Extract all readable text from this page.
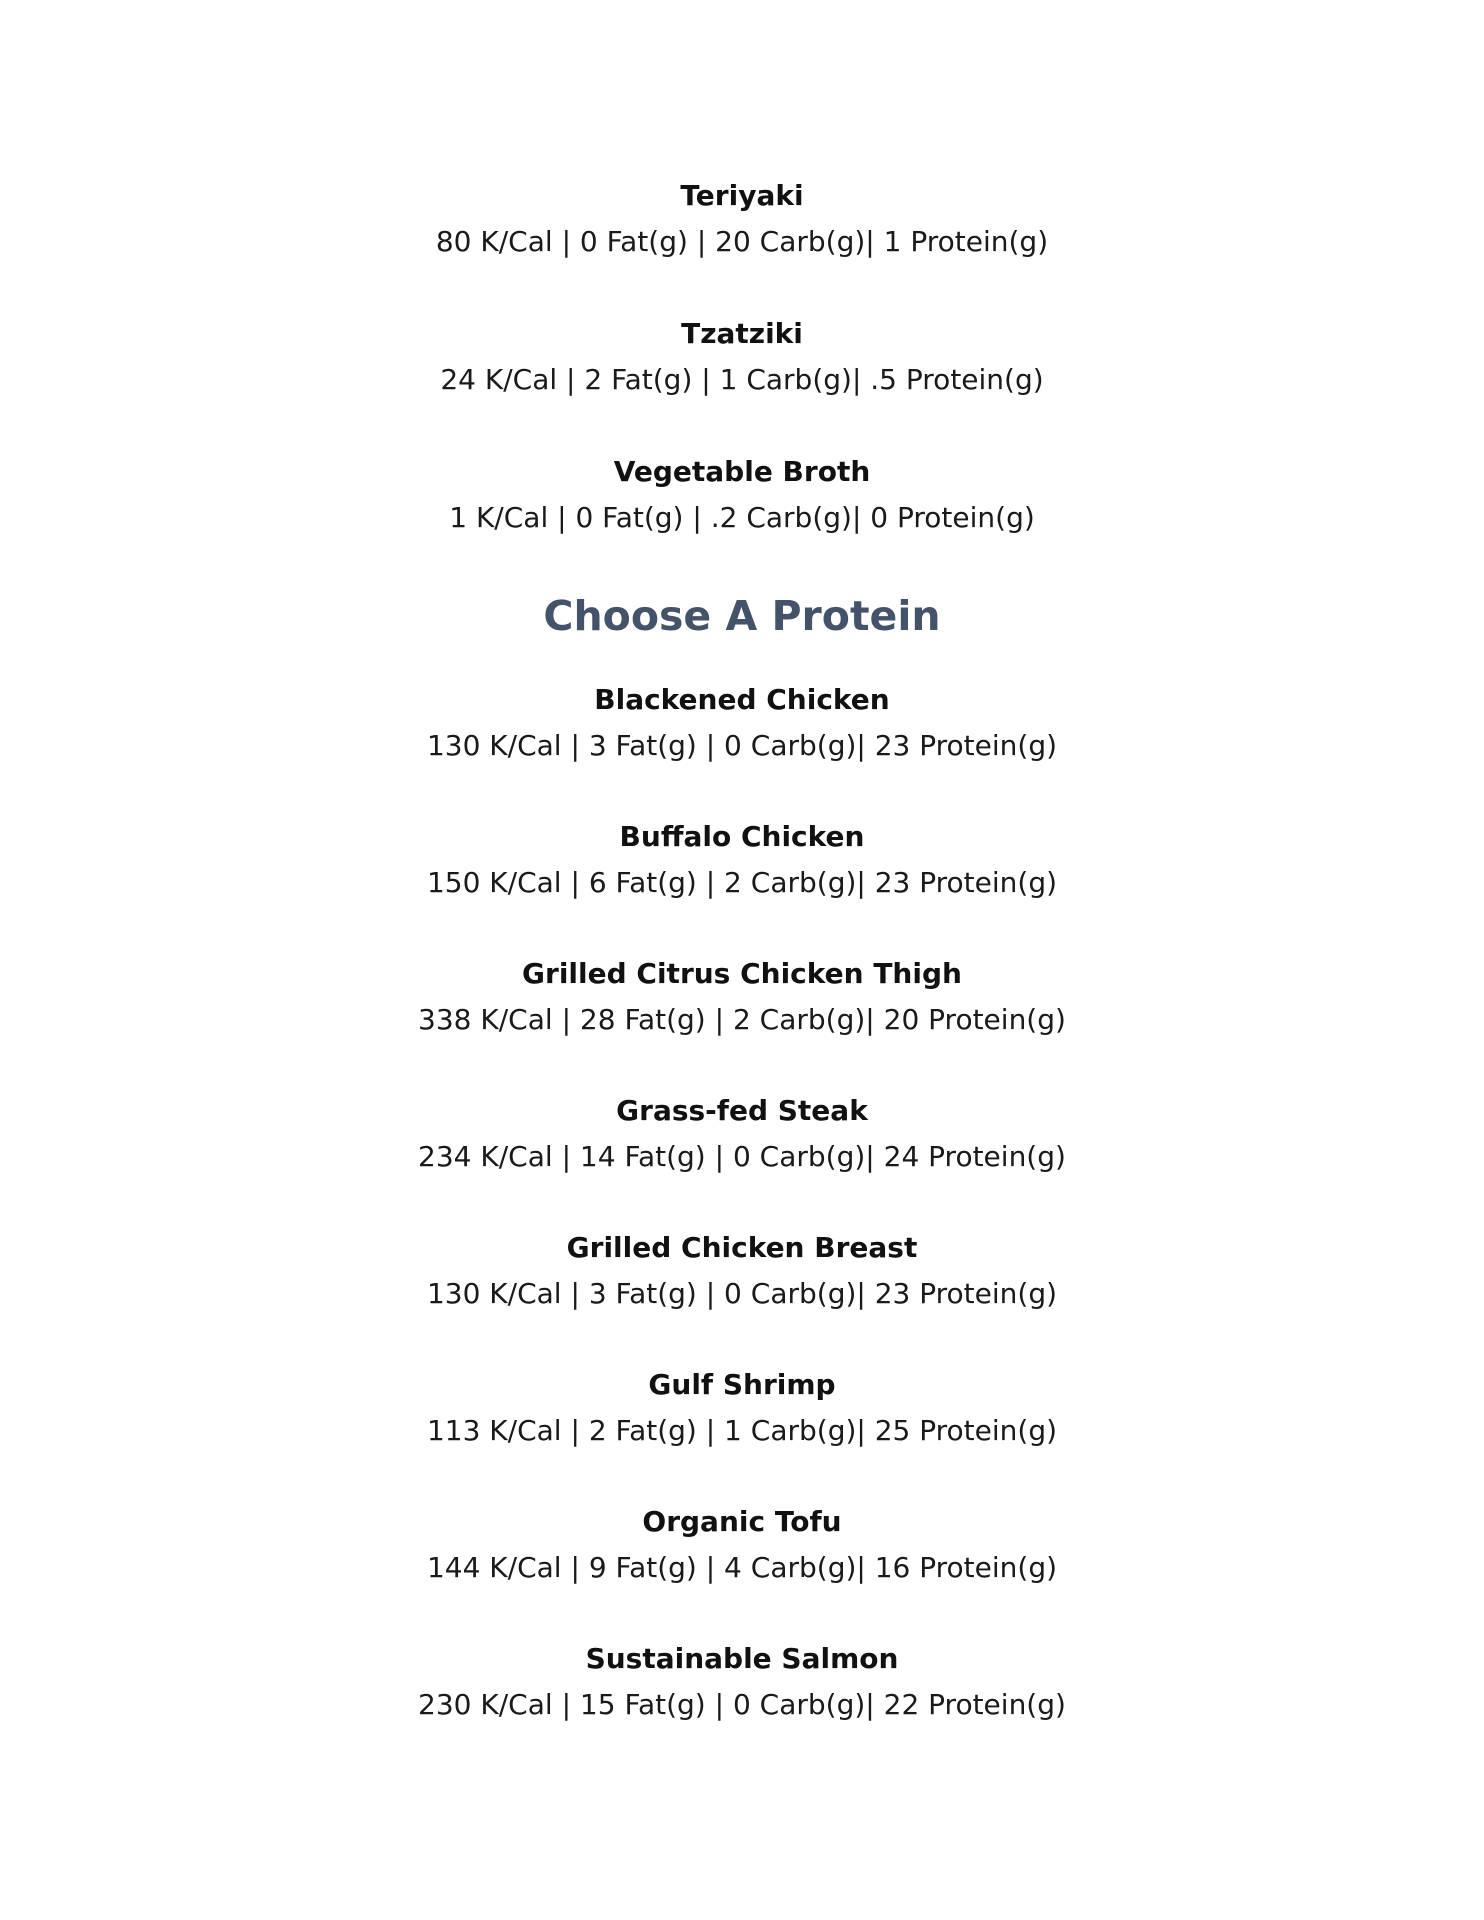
Teriyaki
80 K/Cal | 0 Fat(g) | 20 Carb(g)| 1 Protein(g)
Tzatziki
24 K/Cal | 2 Fat(g) | 1 Carb(g)| .5 Protein(g)
Vegetable Broth
1 K/Cal | 0 Fat(g) | .2 Carb(g)| 0 Protein(g)
Choose A Protein
Blackened Chicken
130 K/Cal | 3 Fat(g) | 0 Carb(g)| 23 Protein(g)
Buffalo Chicken
150 K/Cal | 6 Fat(g) | 2 Carb(g)| 23 Protein(g)
Grilled Citrus Chicken Thigh
338 K/Cal | 28 Fat(g) | 2 Carb(g)| 20 Protein(g)
Grass-fed Steak
234 K/Cal | 14 Fat(g) | 0 Carb(g)| 24 Protein(g)
Grilled Chicken Breast
130 K/Cal | 3 Fat(g) | 0 Carb(g)| 23 Protein(g)
Gulf Shrimp
113 K/Cal | 2 Fat(g) | 1 Carb(g)| 25 Protein(g)
Organic Tofu
144 K/Cal | 9 Fat(g) | 4 Carb(g)| 16 Protein(g)
Sustainable Salmon
230 K/Cal | 15 Fat(g) | 0 Carb(g)| 22 Protein(g)
